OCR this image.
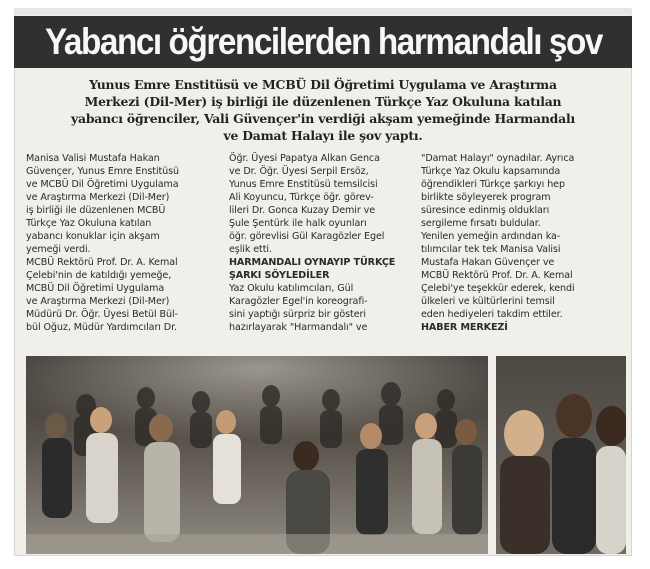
Yabancı öğrencilerden harmandalı şov
Yunus Emre Enstitüsü ve MCBÜ Dil Öğretimi Uygulama ve Araştırma
Merkezi (Dil-Mer) iş birliği ile düzenlenen Türkçe Yaz Okuluna katılan
yabancı öğrenciler, Vali Güvençer'in verdiği akşam yemeğinde Harmandalı
ve Damat Halayı ile şov yaptı.
Manisa Valisi Mustafa Hakan
Güvençer, Yunus Emre Enstitüsü
ve MCBÜ Dil Öğretimi Uygulama
ve Araştırma Merkezi (Dil-Mer)
iş birliği ile düzenlenen MCBÜ
Türkçe Yaz Okuluna katılan
yabancı konuklar için akşam
yemeği verdi.
MCBÜ Rektörü Prof. Dr. A. Kemal
Çelebi'nin de katıldığı yemeğe,
MCBÜ Dil Öğretimi Uygulama
ve Araştırma Merkezi (Dil-Mer)
Müdürü Dr. Öğr. Üyesi Betül Bül-
bül Oğuz, Müdür Yardımcıları Dr.
Öğr. Üyesi Papatya Alkan Genca
ve Dr. Öğr. Üyesi Serpil Ersöz,
Yunus Emre Enstitüsü temsilcisi
Ali Koyuncu, Türkçe öğr. görev-
lileri Dr. Gonca Kuzay Demir ve
Şule Şentürk ile halk oyunları
öğr. görevlisi Gül Karagözler Egel
eşlik etti.
HARMANDALI OYNAYIP TÜRKÇE
ŞARKI SÖYLEDİLER
Yaz Okulu katılımcıları, Gül
Karagözler Egel'in koreografi-
sini yaptığı sürpriz bir gösteri
hazırlayarak "Harmandalı" ve
"Damat Halayı" oynadılar. Ayrıca
Türkçe Yaz Okulu kapsamında
öğrendikleri Türkçe şarkıyı hep
birlikte söyleyerek program
süresince edinmiş oldukları
sergileme fırsatı buldular.
Yenilen yemeğin ardından ka-
tılımcılar tek tek Manisa Valisi
Mustafa Hakan Güvençer ve
MCBÜ Rektörü Prof. Dr. A. Kemal
Çelebi'ye teşekkür ederek, kendi
ülkeleri ve kültürlerini temsil
eden hediyeleri takdim ettiler.
HABER MERKEZİ
